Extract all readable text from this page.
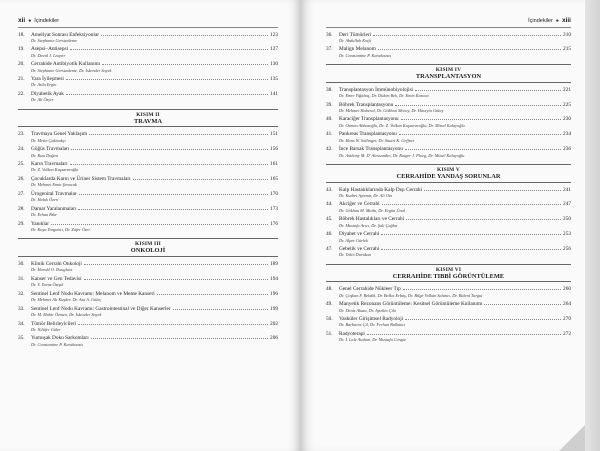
xii ● İçindekiler
18.	Ameliyat Sonrası Enfeksiyonlar	123
Dr. Stephanie Gerstzaleme
19.	Asepsi–Antisepsi	127
Dr. David J. Leaper
20.	Cerrahide Antibiyotik Kullanımı	130
Dr. Stephanie Gerstzaleme, Dr. İskender Sayek
21.	Yara İyileşmesi	135
Dr. Atila Ergin
22.	Diyabetik Ayak	141
Dr. Ali Özyer
KISIM II
TRAVMA
23.	Travmaya Genel Yaklaşım	151
Dr. Metin Çakmakçı
24.	Göğüs Travmaları	156
Dr. Rıza Doğan
25.	Karın Travmaları	161
Dr. Z. Volkan Kuşsararoğlu
26.	Çocuklarda Karın ve Üriner Sistem Travmaları	165
Dr. Mehmet Emin Şenocak
27.	Ürogenital Travmalar	170
Dr. Haluk Özen
28.	Damar Yaralanmaları	173
Dr. Erhan Bike
29.	Yanıklar	176
Dr. Kaya Yorgancı, Dr. Zafer Özer
KISIM III
ONKOLOJİ
30.	Klinik Cerrahi Onkoloji	189
Dr. Harold O. Douglass
31.	Kanser ve Gen Tedavisi	194
Dr. Y. Yavuz Özışık
32.	Sentinel Lenf Nodu Kavramı: Melanom ve Meme Kanseri	196
Dr. Mehmet Ali Kuşder, Dr. Asa A. Güleç
33.	Sentinel Lenf Nodu Kavramı: Gastrointestinal ve Diğer Kanserler	199
Dr. M. Mahir Özmen, Dr. İskender Sayek
34.	Tümör Belirleyicileri	202
Dr. Nilüfer Güler
35.	Yumuşak Doku Sarkomları	206
Dr. Constantine P. Karakousis
İçindekiler ● xiii
36.	Deri Tümörleri	210
Dr. Abdullah Koçk
37.	Malign Melanom	215
Dr. Constantine P. Karakousis
KISIM IV
TRANSPLANTASYON
38.	Transplantasyon İmmünobiyolojisi	221
Dr. Emre Yiğitbaş, Dr. Didem Bek, Dr. Emin Karaca
39.	Böbrek Transplantasyonu	225
Dr. Mehmet Haberal, Dr. Gökhan Moray, Dr. Hüseyin Gülay
40.	Karaciğer Transplantasyonu	230
Dr. Osman Abbasoğlu, Dr. Z. Volkan Kuşsararoğlu, Dr. Mitsel Kalayoğlu
41.	Pankreas Transplantasyonu	234
Dr. Hans W. Sollinger, Dr. Stuart K. Geffner
42.	İnce Barsak Transplantasyonu	236
Dr. Anthony M. D' Alessandro, Dr. Rutger J. Ploeg, Dr. Mitsel Kalayoğlu
KISIM V
CERRAHİDE YANDAŞ SORUNLAR
43.	Kalp Hastalıklarında Kalp Dışı Cerrahi	241
Dr. Kudret Aytemir, Dr. Ali Oto
44.	Akciğer ve Cerrahi	247
Dr. Gökhan M. Mutlu, Dr. Ergün Ünal
45.	Böbrek Hastalıkları ve Cerrahi	250
Dr. Mustafa Arıcı, Dr. Şali Çağlar
46.	Diyabet ve Cerrahi	253
Dr. Alper Gürlek
47.	Gebelik ve Cerrahi	256
Dr. Tekin Durukan
KISIM VI
CERRAHİDE TIBBİ GÖRÜNTÜLEME
48.	Genel Cerrahide Nükleer Tıp	260
Dr. Çoşkun F. Bekdik, Dr. Belkıs Erbaş, Dr. Bilge Volkan Salancı, Dr. Bülent Turgut
49.	Manyetik Rezonans Görüntüleme: Kesitsel Görüntüleme Kullanımı	264
Dr. Deniz Akata, Dr. Aytekin Çilo
50.	Vasküler Girişimsel Radyoloji	270
Dr. Barbaros Çil, Dr. Ferhun Balkancı
51.	Radyoterapi	272
Dr. İ. Lale Atahan, Dr. Mustafa Cengiz
